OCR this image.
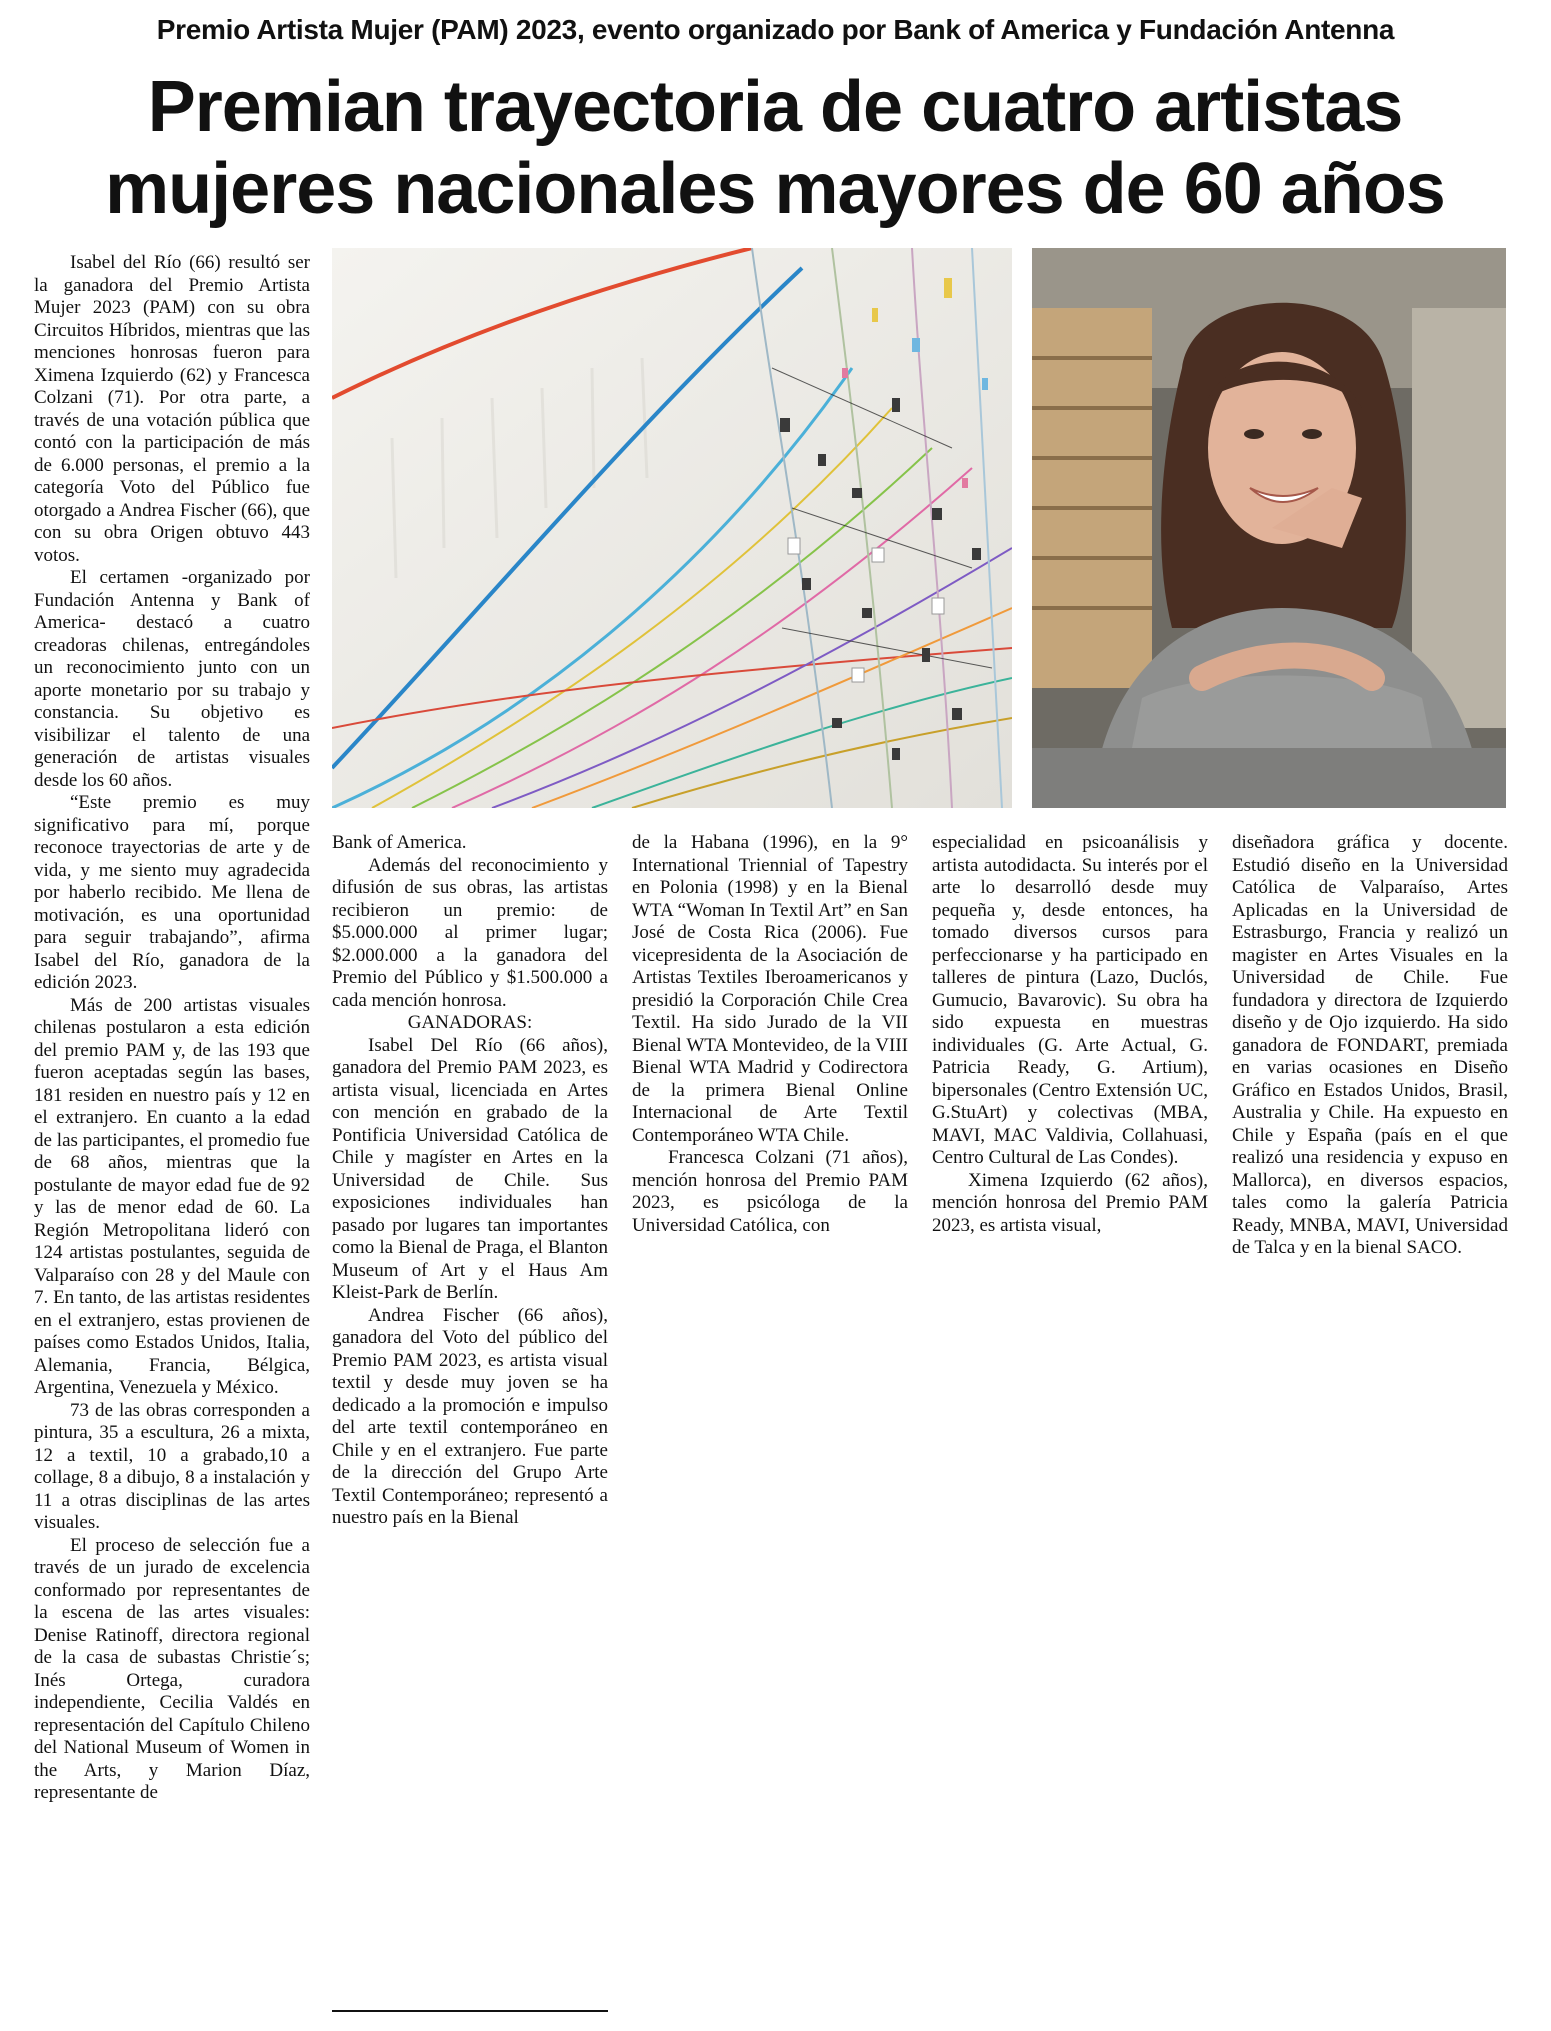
Premio Artista Mujer (PAM) 2023, evento organizado por Bank of America y Fundación Antenna
Premian trayectoria de cuatro artistas
mujeres nacionales mayores de 60 años

Isabel del Río (66) resultó ser la ganadora del Premio Artista Mujer 2023 (PAM) con su obra Circuitos Híbridos, mientras que las menciones honrosas fueron para Ximena Izquierdo (62) y Francesca Colzani (71). Por otra parte, a través de una votación pública que contó con la participación de más de 6.000 personas, el premio a la categoría Voto del Público fue otorgado a Andrea Fischer (66), que con su obra Origen obtuvo 443 votos.

El certamen -organizado por Fundación Antenna y Bank of America- destacó a cuatro creadoras chilenas, entregándoles un reconocimiento junto con un aporte monetario por su trabajo y constancia. Su objetivo es visibilizar el talento de una generación de artistas visuales desde los 60 años.

“Este premio es muy significativo para mí, porque reconoce trayectorias de arte y de vida, y me siento muy agradecida por haberlo recibido. Me llena de motivación, es una oportunidad para seguir trabajando”, afirma Isabel del Río, ganadora de la edición 2023.

Más de 200 artistas visuales chilenas postularon a esta edición del premio PAM y, de las 193 que fueron aceptadas según las bases, 181 residen en nuestro país y 12 en el extranjero. En cuanto a la edad de las participantes, el promedio fue de 68 años, mientras que la postulante de mayor edad fue de 92 y las de menor edad de 60. La Región Metropolitana lideró con 124 artistas postulantes, seguida de Valparaíso con 28 y del Maule con 7. En tanto, de las artistas residentes en el extranjero, estas provienen de países como Estados Unidos, Italia, Alemania, Francia, Bélgica, Argentina, Venezuela y México.

73 de las obras corresponden a pintura, 35 a escultura, 26 a mixta, 12 a textil, 10 a grabado,10 a collage, 8 a dibujo, 8 a instalación y 11 a otras disciplinas de las artes visuales.

El proceso de selección fue a través de un jurado de excelencia conformado por representantes de la escena de las artes visuales: Denise Ratinoff, directora regional de la casa de subastas Christie´s; Inés Ortega, curadora independiente, Cecilia Valdés en representación del Capítulo Chileno del National Museum of Women in the Arts, y Marion Díaz, representante de

Bank of America.

Además del reconocimiento y difusión de sus obras, las artistas recibieron un premio: de $5.000.000 al primer lugar; $2.000.000 a la ganadora del Premio del Público y $1.500.000 a cada mención honrosa.

GANADORAS:

Isabel Del Río (66 años), ganadora del Premio PAM 2023, es artista visual, licenciada en Artes con mención en grabado de la Pontificia Universidad Católica de Chile y magíster en Artes en la Universidad de Chile. Sus exposiciones individuales han pasado por lugares tan importantes como la Bienal de Praga, el Blanton Museum of Art y el Haus Am Kleist-Park de Berlín.

Andrea Fischer (66 años), ganadora del Voto del público del Premio PAM 2023, es artista visual textil y desde muy joven se ha dedicado a la promoción e impulso del arte textil contemporáneo en Chile y en el extranjero. Fue parte de la dirección del Grupo Arte Textil Contemporáneo; representó a nuestro país en la Bienal

de la Habana (1996), en la 9° International Triennial of Tapestry en Polonia (1998) y en la Bienal WTA “Woman In Textil Art” en San José de Costa Rica (2006). Fue vicepresidenta de la Asociación de Artistas Textiles Iberoamericanos y presidió la Corporación Chile Crea Textil. Ha sido Jurado de la VII Bienal WTA Montevideo, de la VIII Bienal WTA Madrid y Codirectora de la primera Bienal Online Internacional de Arte Textil Contemporáneo WTA Chile.

Francesca Colzani (71 años), mención honrosa del Premio PAM 2023, es psicóloga de la Universidad Católica, con

especialidad en psicoanálisis y artista autodidacta. Su interés por el arte lo desarrolló desde muy pequeña y, desde entonces, ha tomado diversos cursos para perfeccionarse y ha participado en talleres de pintura (Lazo, Duclós, Gumucio, Bavarovic). Su obra ha sido expuesta en muestras individuales (G. Arte Actual, G. Patricia Ready, G. Artium), bipersonales (Centro Extensión UC, G.StuArt) y colectivas (MBA, MAVI, MAC Valdivia, Collahuasi, Centro Cultural de Las Condes).

Ximena Izquierdo (62 años), mención honrosa del Premio PAM 2023, es artista visual,

diseñadora gráfica y docente. Estudió diseño en la Universidad Católica de Valparaíso, Artes Aplicadas en la Universidad de Estrasburgo, Francia y realizó un magister en Artes Visuales en la Universidad de Chile. Fue fundadora y directora de Izquierdo diseño y de Ojo izquierdo. Ha sido ganadora de FONDART, premiada en varias ocasiones en Diseño Gráfico en Estados Unidos, Brasil, Australia y Chile. Ha expuesto en Chile y España (país en el que realizó una residencia y expuso en Mallorca), en diversos espacios, tales como la galería Patricia Ready, MNBA, MAVI, Universidad de Talca y en la bienal SACO.
